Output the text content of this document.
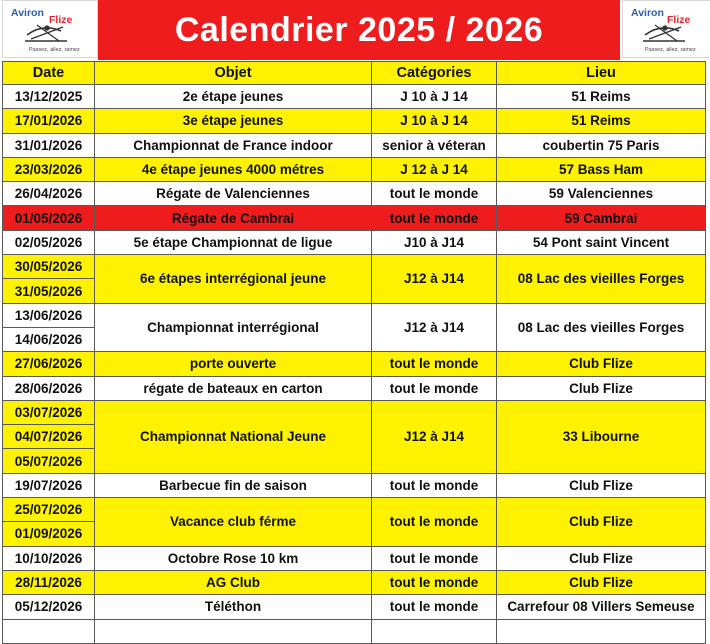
Aviron
Flize
Passez, allez, ramez
Calendrier 2025 / 2026	Aviron
Flize
Passez, allez, ramez
Date	Objet	Catégories	Lieu
13/12/2025	2e étape jeunes	J 10 à J 14	51 Reims
17/01/2026	3e étape jeunes	J 10 à J 14	51 Reims
31/01/2026	Championnat de France indoor	senior à véteran	coubertin 75 Paris
23/03/2026	4e étape jeunes 4000 métres	J 12 à J 14	57 Bass Ham
26/04/2026	Régate de Valenciennes	tout le monde	59 Valenciennes
01/05/2026	Régate de Cambrai	tout le monde	59 Cambrai
02/05/2026	5e étape Championnat de ligue	J10 à J14	54 Pont saint Vincent
30/05/2026	6e étapes interrégional jeune	J12 à J14	08 Lac des vieilles Forges
31/05/2026			
13/06/2026	Championnat interrégional	J12 à J14	08 Lac des vieilles Forges
14/06/2026			
27/06/2026	porte ouverte	tout le monde	Club Flize
28/06/2026	régate de bateaux en carton	tout le monde	Club Flize
03/07/2026	Championnat National Jeune	J12 à J14	33 Libourne
04/07/2026			
05/07/2026			
19/07/2026	Barbecue fin de saison	tout le monde	Club Flize
25/07/2026	Vacance club férme	tout le monde	Club Flize
01/09/2026			
10/10/2026	Octobre Rose 10 km	tout le monde	Club Flize
28/11/2026	AG Club	tout le monde	Club Flize
05/12/2026	Téléthon	tout le monde	Carrefour 08 Villers Semeuse
